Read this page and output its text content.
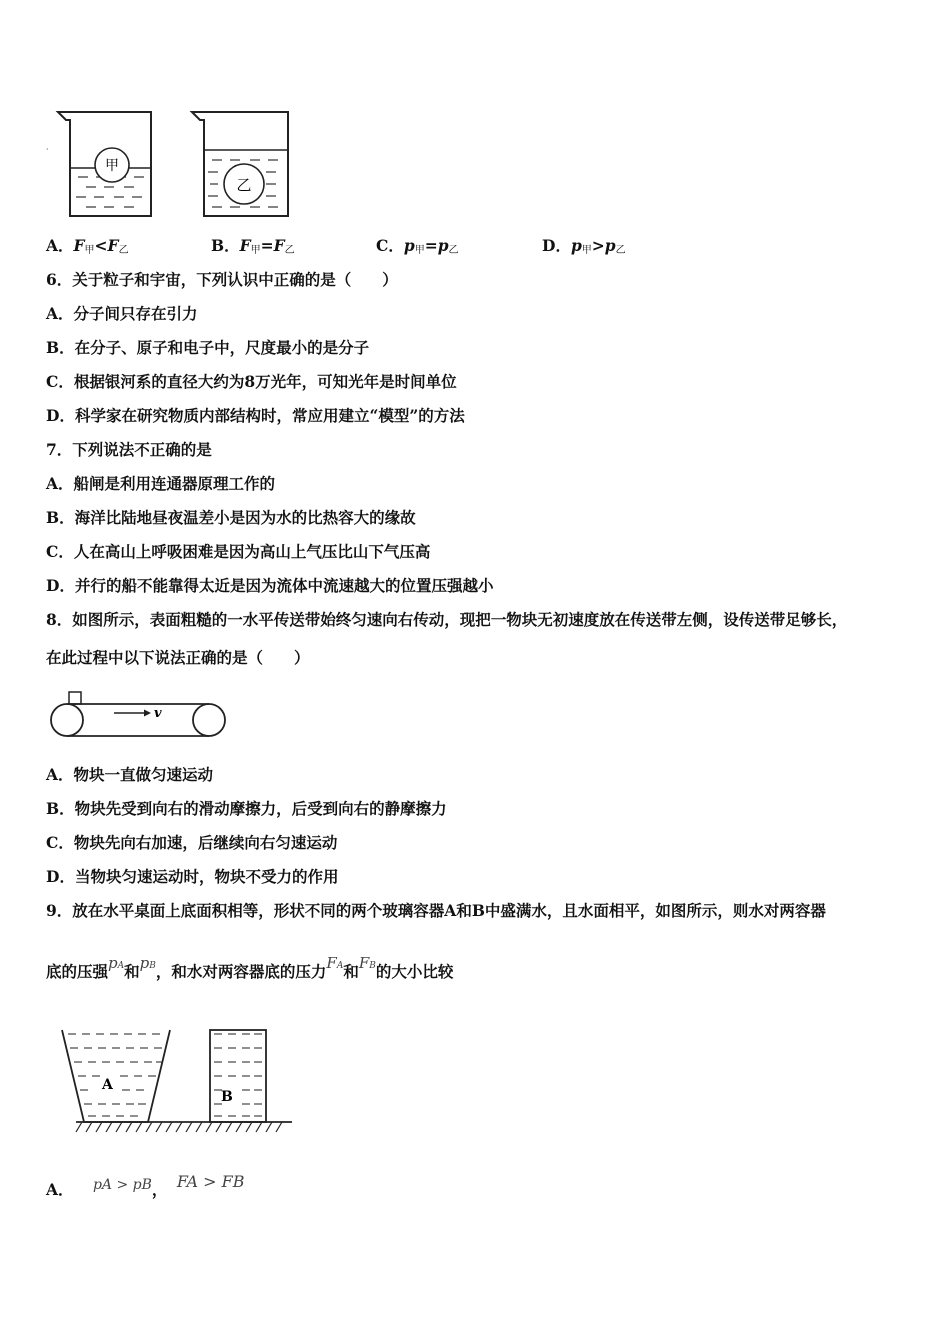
·
甲
乙
A．$F_甲<F_乙$	B．$F_甲=F_乙$	C．$p_甲=p_乙$	D．$p_甲>p_乙$
6．关于粒子和宇宙，下列认识中正确的是（　　）
A．分子间只存在引力
B．在分子、原子和电子中，尺度最小的是分子
C．根据银河系的直径大约为8万光年，可知光年是时间单位
D．科学家在研究物质内部结构时，常应用建立“模型”的方法
7．下列说法不正确的是
A．船闸是利用连通器原理工作的
B．海洋比陆地昼夜温差小是因为水的比热容大的缘故
C．人在高山上呼吸困难是因为高山上气压比山下气压高
D．并行的船不能靠得太近是因为流体中流速越大的位置压强越小
8．如图所示，表面粗糙的一水平传送带始终匀速向右传动，现把一物块无初速度放在传送带左侧，设传送带足够长，
在此过程中以下说法正确的是（　　）
v
A．物块一直做匀速运动
B．物块先受到向右的滑动摩擦力，后受到向右的静摩擦力
C．物块先向右加速，后继续向右匀速运动
D．当物块匀速运动时，物块不受力的作用
9．放在水平桌面上底面积相等，形状不同的两个玻璃容器A和B中盛满水，且水面相平，如图所示，则水对两容器
底的压强pA和pB，和水对两容器底的压力FA和FB的大小比较
A
B
A． pA > pB， FA > FB
